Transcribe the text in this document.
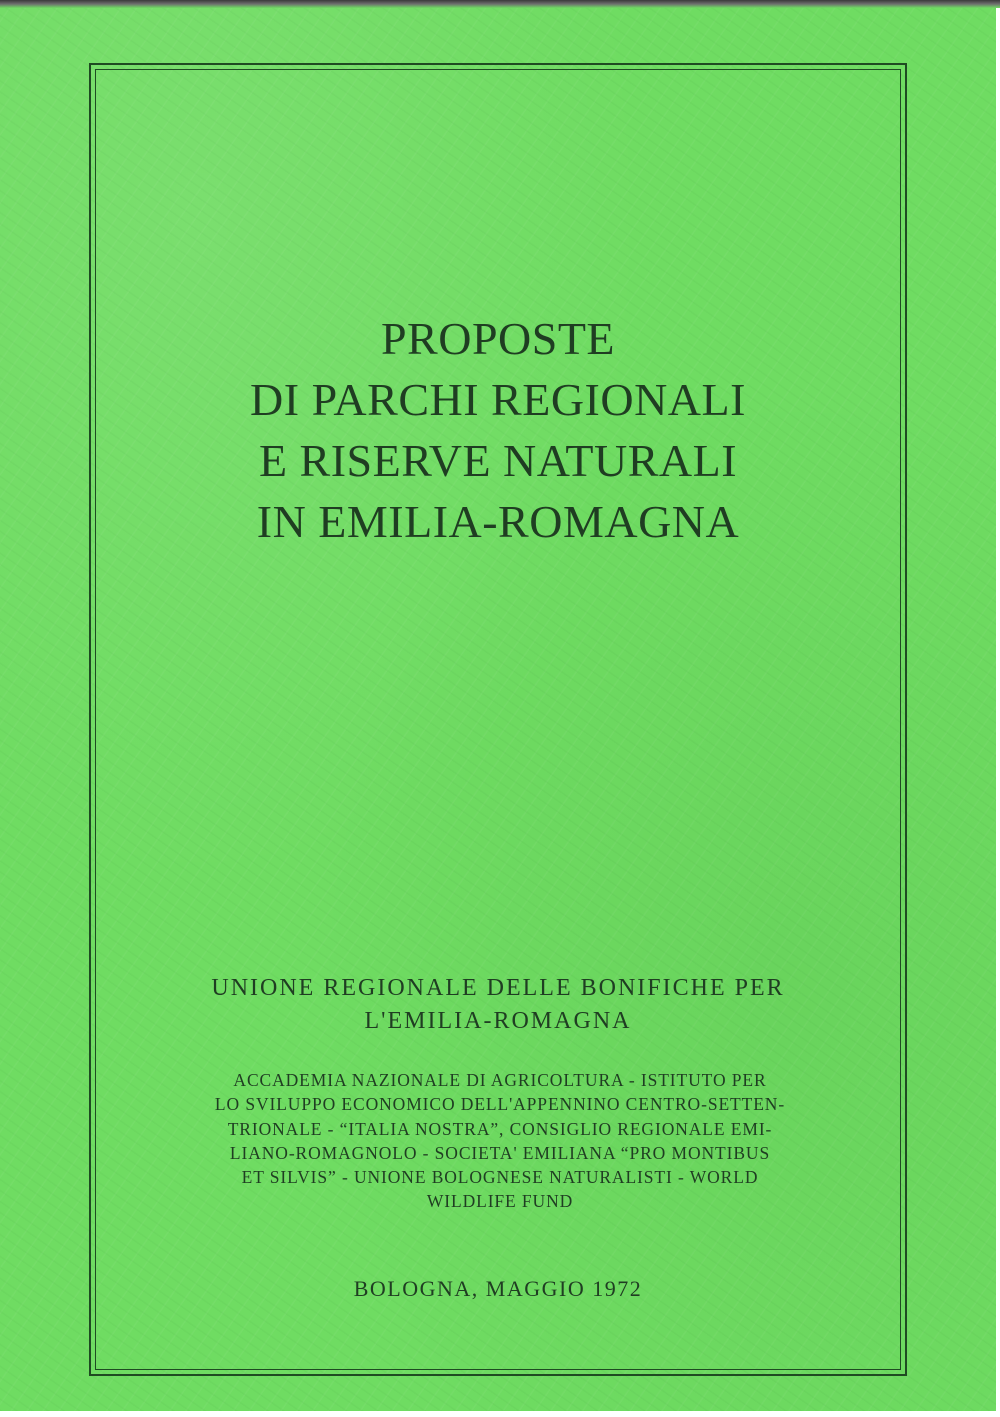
PROPOSTE
DI PARCHI REGIONALI
E RISERVE NATURALI
IN EMILIA-ROMAGNA
UNIONE REGIONALE DELLE BONIFICHE PER
L'EMILIA-ROMAGNA
ACCADEMIA NAZIONALE DI AGRICOLTURA - ISTITUTO PER
LO SVILUPPO ECONOMICO DELL'APPENNINO CENTRO-SETTEN-
TRIONALE - “ITALIA NOSTRA”, CONSIGLIO REGIONALE EMI-
LIANO-ROMAGNOLO - SOCIETA' EMILIANA “PRO MONTIBUS
ET SILVIS” - UNIONE BOLOGNESE NATURALISTI - WORLD
WILDLIFE FUND
BOLOGNA, MAGGIO 1972
